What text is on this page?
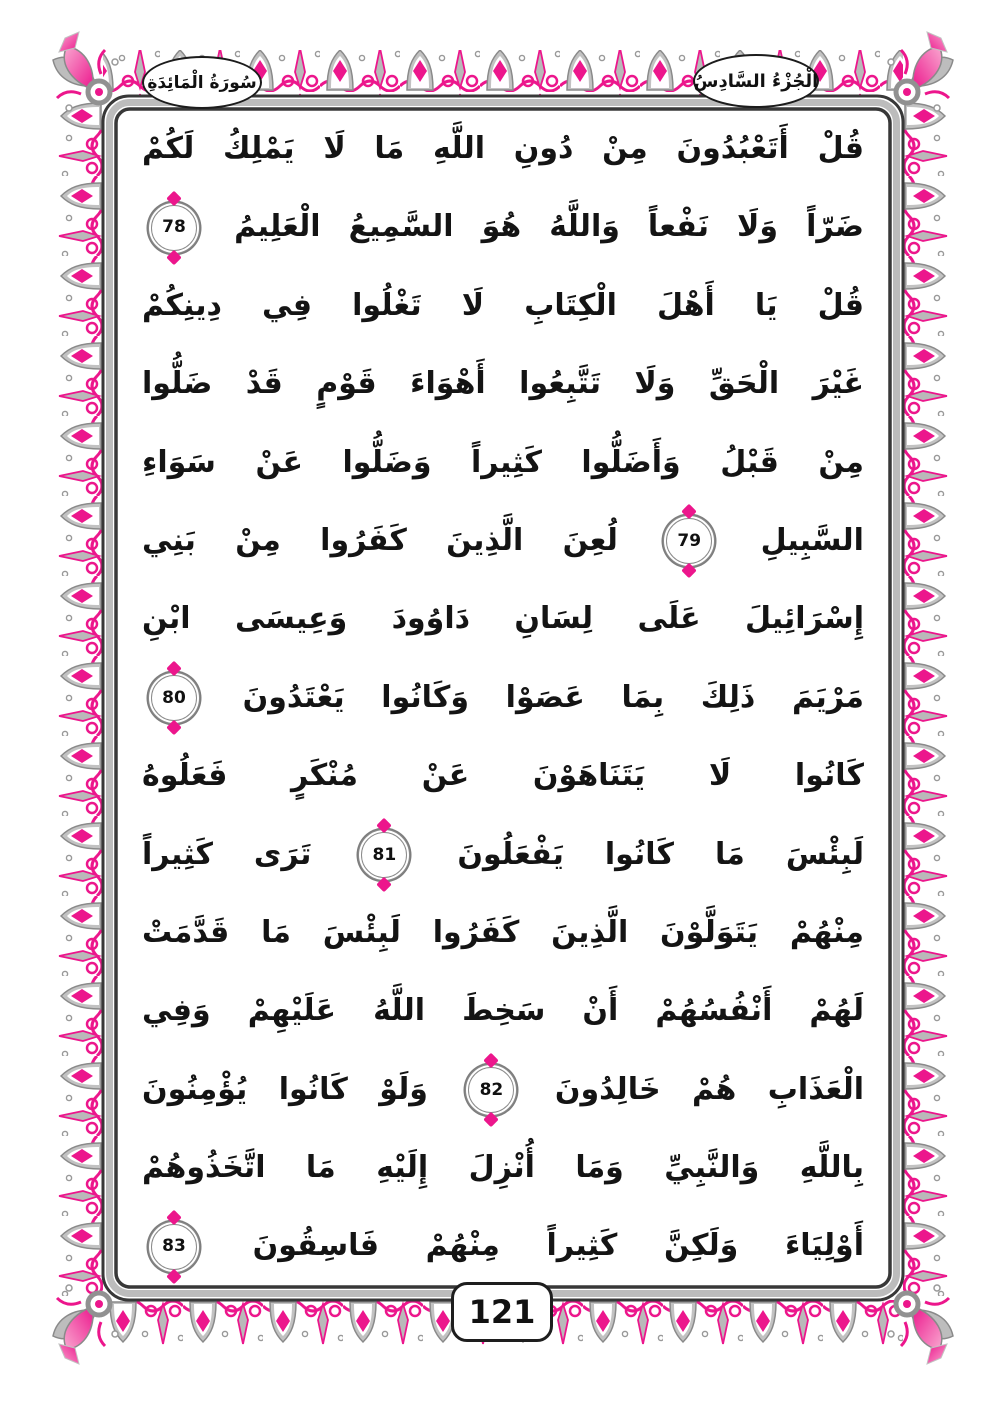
سُورَةُ الْمَائِدَةِ	الْجُزْءُ السَّادِسُ
قُلْ أَتَعْبُدُونَ مِنْ دُونِ اللَّهِ مَا لَا يَمْلِكُ لَكُمْ
ضَرّاً وَلَا نَفْعاً وَاللَّهُ هُوَ السَّمِيعُ الْعَلِيمُ
78
قُلْ يَا أَهْلَ الْكِتَابِ لَا تَغْلُوا فِي دِينِكُمْ
غَيْرَ الْحَقِّ وَلَا تَتَّبِعُوا أَهْوَاءَ قَوْمٍ قَدْ ضَلُّوا
مِنْ قَبْلُ وَأَضَلُّوا كَثِيراً وَضَلُّوا عَنْ سَوَاءِ
السَّبِيلِ
79
لُعِنَ الَّذِينَ كَفَرُوا مِنْ بَنِي
إِسْرَائِيلَ عَلَى لِسَانِ دَاوُودَ وَعِيسَى ابْنِ
مَرْيَمَ ذَلِكَ بِمَا عَصَوْا وَكَانُوا يَعْتَدُونَ
80
كَانُوا لَا يَتَنَاهَوْنَ عَنْ مُنْكَرٍ فَعَلُوهُ
لَبِئْسَ مَا كَانُوا يَفْعَلُونَ
81
تَرَى كَثِيراً
مِنْهُمْ يَتَوَلَّوْنَ الَّذِينَ كَفَرُوا لَبِئْسَ مَا قَدَّمَتْ
لَهُمْ أَنْفُسُهُمْ أَنْ سَخِطَ اللَّهُ عَلَيْهِمْ وَفِي
الْعَذَابِ هُمْ خَالِدُونَ
82
وَلَوْ كَانُوا يُؤْمِنُونَ
بِاللَّهِ وَالنَّبِيِّ وَمَا أُنْزِلَ إِلَيْهِ مَا اتَّخَذُوهُمْ
أَوْلِيَاءَ وَلَكِنَّ كَثِيراً مِنْهُمْ فَاسِقُونَ
83
121
